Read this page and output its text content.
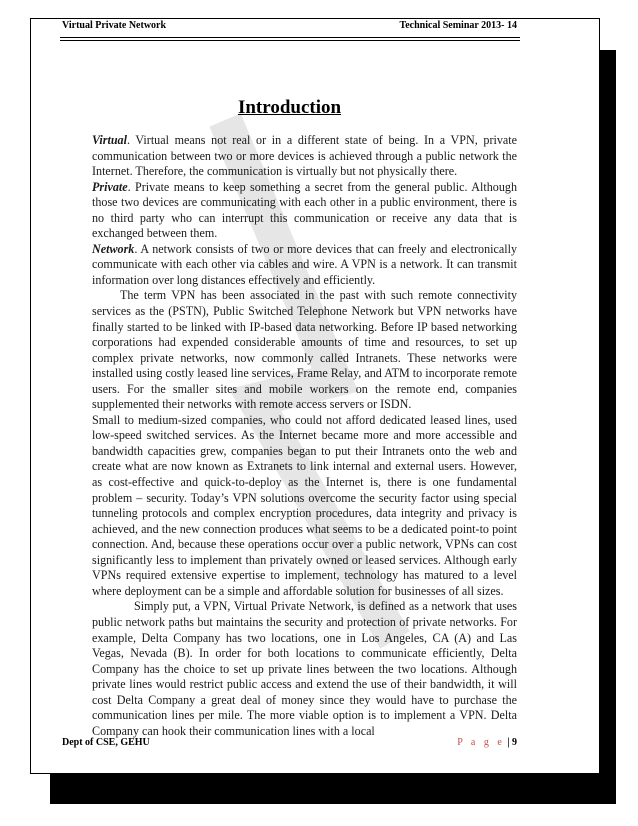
Virtual Private Network	Technical Seminar 2013- 14
Introduction

Virtual. Virtual means not real or in a different state of being. In a VPN, private communication between two or more devices is achieved through a public network the Internet. Therefore, the communication is virtually but not physically there.

Private. Private means to keep something a secret from the general public. Although those two devices are communicating with each other in a public environment, there is no third party who can interrupt this communication or receive any data that is exchanged between them.

Network. A network consists of two or more devices that can freely and electronically communicate with each other via cables and wire. A VPN is a network. It can transmit information over long distances effectively and efficiently.

The term VPN has been associated in the past with such remote connectivity services as the (PSTN), Public Switched Telephone Network but VPN networks have finally started to be linked with IP-based data networking. Before IP based networking corporations had expended considerable amounts of time and resources, to set up complex private networks, now commonly called Intranets. These networks were installed using costly leased line services, Frame Relay, and ATM to incorporate remote users. For the smaller sites and mobile workers on the remote end, companies supplemented their networks with remote access servers or ISDN.

Small to medium-sized companies, who could not afford dedicated leased lines, used low-speed switched services. As the Internet became more and more accessible and bandwidth capacities grew, companies began to put their Intranets onto the web and create what are now known as Extranets to link internal and external users. However, as cost-effective and quick-to-deploy as the Internet is, there is one fundamental problem – security. Today’s VPN solutions overcome the security factor using special tunneling protocols and complex encryption procedures, data integrity and privacy is achieved, and the new connection produces what seems to be a dedicated point-to point connection. And, because these operations occur over a public network, VPNs can cost significantly less to implement than privately owned or leased services. Although early VPNs required extensive expertise to implement, technology has matured to a level where deployment can be a simple and affordable solution for businesses of all sizes.

Simply put, a VPN, Virtual Private Network, is defined as a network that uses public network paths but maintains the security and protection of private networks. For example, Delta Company has two locations, one in Los Angeles, CA (A) and Las Vegas, Nevada (B). In order for both locations to communicate efficiently, Delta Company has the choice to set up private lines between the two locations. Although private lines would restrict public access and extend the use of their bandwidth, it will cost Delta Company a great deal of money since they would have to purchase the communication lines per mile. The more viable option is to implement a VPN. Delta Company can hook their communication lines with a local

Dept of CSE, GEHU	P a g e | 9
